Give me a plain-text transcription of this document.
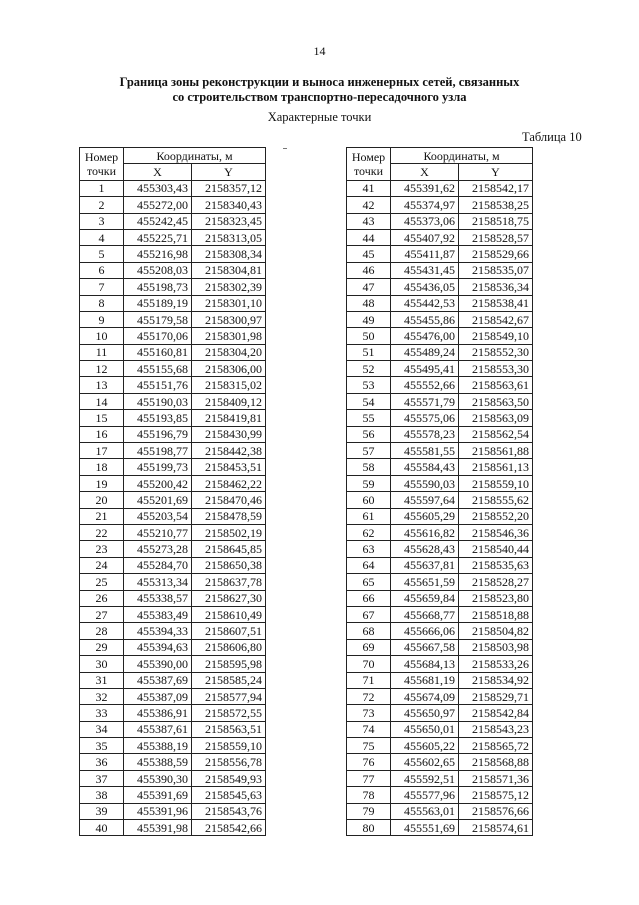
14
Граница зоны реконструкции и выноса инженерных сетей, связанных
со строительством транспортно-пересадочного узла
Характерные точки
Таблица 10
Номер
точки	Координаты, м	
	X	Y
1	455303,43	2158357,12
2	455272,00	2158340,43
3	455242,45	2158323,45
4	455225,71	2158313,05
5	455216,98	2158308,34
6	455208,03	2158304,81
7	455198,73	2158302,39
8	455189,19	2158301,10
9	455179,58	2158300,97
10	455170,06	2158301,98
11	455160,81	2158304,20
12	455155,68	2158306,00
13	455151,76	2158315,02
14	455190,03	2158409,12
15	455193,85	2158419,81
16	455196,79	2158430,99
17	455198,77	2158442,38
18	455199,73	2158453,51
19	455200,42	2158462,22
20	455201,69	2158470,46
21	455203,54	2158478,59
22	455210,77	2158502,19
23	455273,28	2158645,85
24	455284,70	2158650,38
25	455313,34	2158637,78
26	455338,57	2158627,30
27	455383,49	2158610,49
28	455394,33	2158607,51
29	455394,63	2158606,80
30	455390,00	2158595,98
31	455387,69	2158585,24
32	455387,09	2158577,94
33	455386,91	2158572,55
34	455387,61	2158563,51
35	455388,19	2158559,10
36	455388,59	2158556,78
37	455390,30	2158549,93
38	455391,69	2158545,63
39	455391,96	2158543,76
40	455391,98	2158542,66
Номер
точки	Координаты, м	
	X	Y
41	455391,62	2158542,17
42	455374,97	2158538,25
43	455373,06	2158518,75
44	455407,92	2158528,57
45	455411,87	2158529,66
46	455431,45	2158535,07
47	455436,05	2158536,34
48	455442,53	2158538,41
49	455455,86	2158542,67
50	455476,00	2158549,10
51	455489,24	2158552,30
52	455495,41	2158553,30
53	455552,66	2158563,61
54	455571,79	2158563,50
55	455575,06	2158563,09
56	455578,23	2158562,54
57	455581,55	2158561,88
58	455584,43	2158561,13
59	455590,03	2158559,10
60	455597,64	2158555,62
61	455605,29	2158552,20
62	455616,82	2158546,36
63	455628,43	2158540,44
64	455637,81	2158535,63
65	455651,59	2158528,27
66	455659,84	2158523,80
67	455668,77	2158518,88
68	455666,06	2158504,82
69	455667,58	2158503,98
70	455684,13	2158533,26
71	455681,19	2158534,92
72	455674,09	2158529,71
73	455650,97	2158542,84
74	455650,01	2158543,23
75	455605,22	2158565,72
76	455602,65	2158568,88
77	455592,51	2158571,36
78	455577,96	2158575,12
79	455563,01	2158576,66
80	455551,69	2158574,61
